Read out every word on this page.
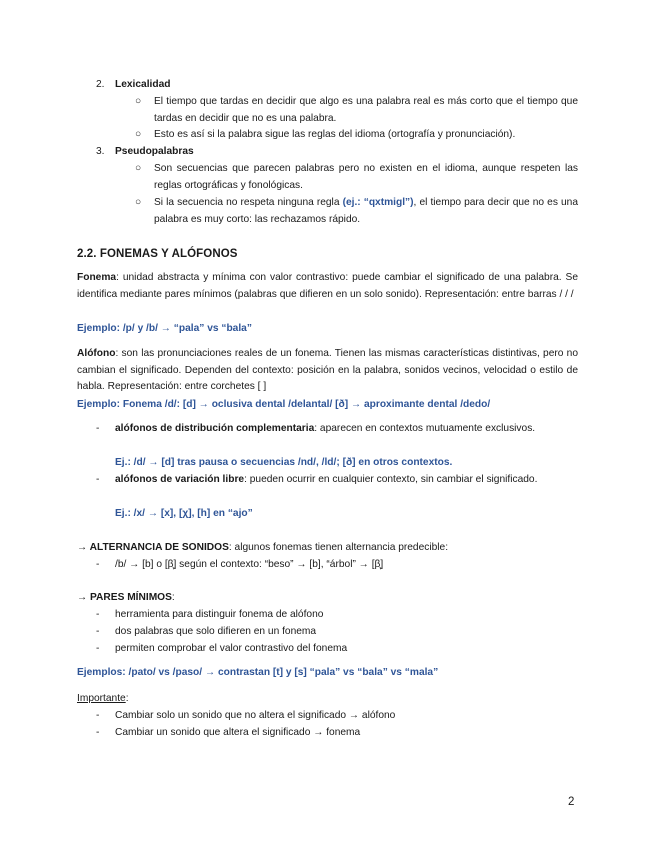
2. Lexicalidad
○	El tiempo que tardas en decidir que algo es una palabra real es más corto que el tiempo que tardas en decidir que no es una palabra.
○	Esto es así si la palabra sigue las reglas del idioma (ortografía y pronunciación).
3. Pseudopalabras
○	Son secuencias que parecen palabras pero no existen en el idioma, aunque respeten las reglas ortográficas y fonológicas.
○	Si la secuencia no respeta ninguna regla (ej.: “qxtmigl”), el tiempo para decir que no es una palabra es muy corto: las rechazamos rápido.
2.2. FONEMAS Y ALÓFONOS
Fonema: unidad abstracta y mínima con valor contrastivo: puede cambiar el significado de una palabra. Se identifica mediante pares mínimos (palabras que difieren en un solo sonido). Representación: entre barras / / /
Ejemplo: /p/ y /b/ → “pala” vs “bala”
Alófono: son las pronunciaciones reales de un fonema. Tienen las mismas características distintivas, pero no cambian el significado. Dependen del contexto: posición en la palabra, sonidos vecinos, velocidad o estilo de habla. Representación: entre corchetes [ ]
Ejemplo: Fonema /d/: [d] → oclusiva dental /delantal/ [ð] → aproximante dental /dedo/
-	alófonos de distribución complementaria: aparecen en contextos mutuamente exclusivos.
Ej.: /d/ → [d] tras pausa o secuencias /nd/, /ld/; [ð] en otros contextos.
-	alófonos de variación libre: pueden ocurrir en cualquier contexto, sin cambiar el significado.
Ej.: /x/ → [x], [χ], [h] en “ajo”
→ ALTERNANCIA DE SONIDOS: algunos fonemas tienen alternancia predecible:
-	/b/ → [b] o [β̞] según el contexto: “beso” → [b], “árbol” → [β̞]
→ PARES MÍNIMOS:
-	herramienta para distinguir fonema de alófono
-	dos palabras que solo difieren en un fonema
-	permiten comprobar el valor contrastivo del fonema
Ejemplos: /pato/ vs /paso/ → contrastan [t] y [s] “pala” vs “bala” vs “mala”
Importante:
-	Cambiar solo un sonido que no altera el significado → alófono
-	Cambiar un sonido que altera el significado → fonema
2
